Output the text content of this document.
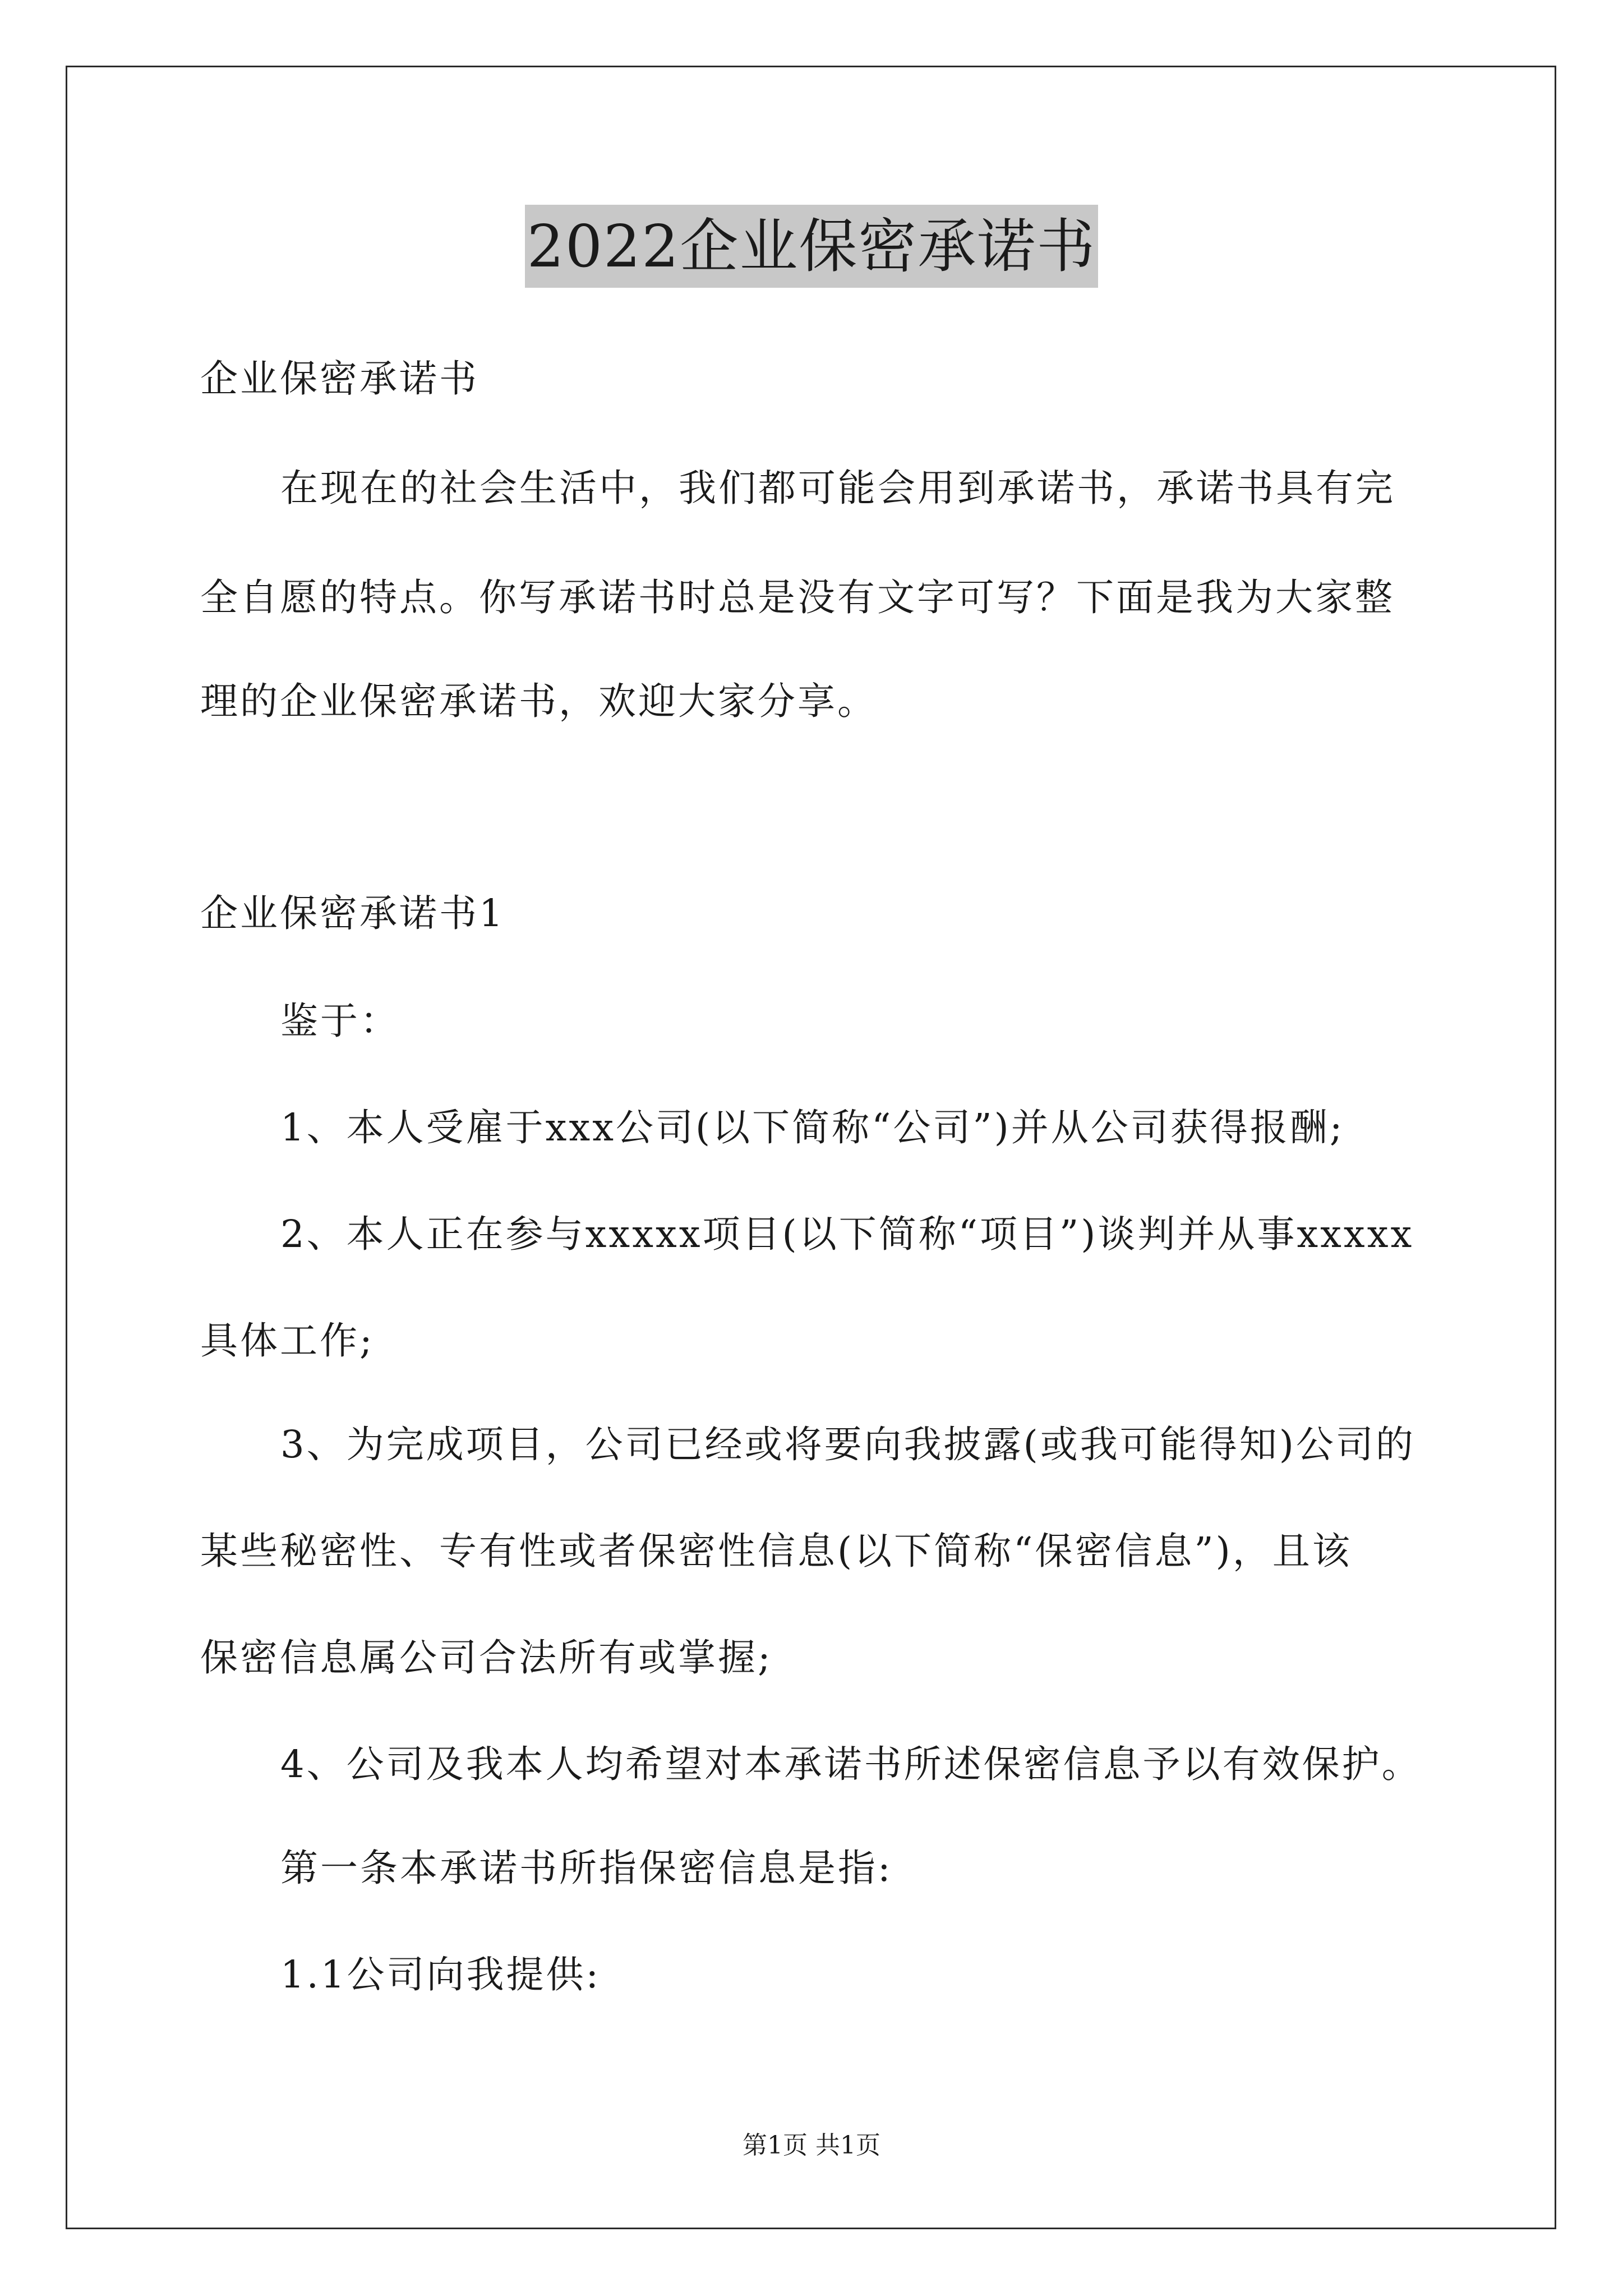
2022企业保密承诺书
企业保密承诺书
在现在的社会生活中，我们都可能会用到承诺书，承诺书具有完
全自愿的特点。你写承诺书时总是没有文字可写？下面是我为大家整
理的企业保密承诺书，欢迎大家分享。
企业保密承诺书1
鉴于：
1、本人受雇于xxx公司(以下简称“公司”)并从公司获得报酬;
2、本人正在参与xxxxx项目(以下简称“项目”)谈判并从事xxxxx
具体工作;
3、为完成项目，公司已经或将要向我披露(或我可能得知)公司的
某些秘密性、专有性或者保密性信息(以下简称“保密信息”)，且该
保密信息属公司合法所有或掌握;
4、公司及我本人均希望对本承诺书所述保密信息予以有效保护。
第一条本承诺书所指保密信息是指:
1.1公司向我提供:
第1页 共1页
